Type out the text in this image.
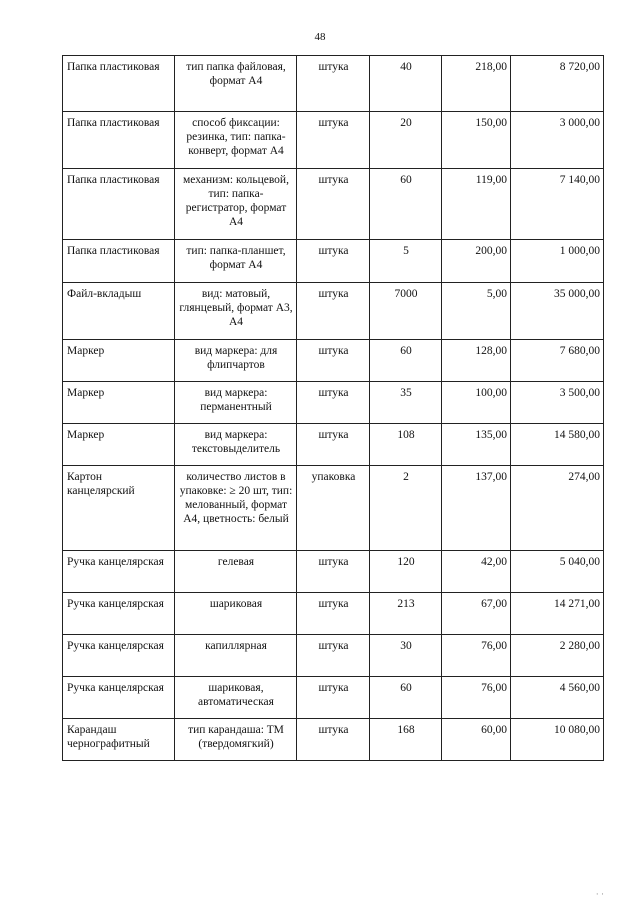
48
Папка пластиковая	тип папка файловая, формат А4	штука	40	218,00	8 720,00
Папка пластиковая	способ фиксации: резинка, тип: папка-конверт, формат А4	штука	20	150,00	3 000,00
Папка пластиковая	механизм: кольцевой, тип: папка-регистратор, формат А4	штука	60	119,00	7 140,00
Папка пластиковая	тип: папка-планшет, формат А4	штука	5	200,00	1 000,00
Файл-вкладыш	вид: матовый, глянцевый, формат А3, А4	штука	7000	5,00	35 000,00
Маркер	вид маркера: для флипчартов	штука	60	128,00	7 680,00
Маркер	вид маркера: перманентный	штука	35	100,00	3 500,00
Маркер	вид маркера: текстовыделитель	штука	108	135,00	14 580,00
Картон канцелярский	количество листов в упаковке: ≥ 20 шт, тип: мелованный, формат А4, цветность: белый	упаковка	2	137,00	274,00
Ручка канцелярская	гелевая	штука	120	42,00	5 040,00
Ручка канцелярская	шариковая	штука	213	67,00	14 271,00
Ручка канцелярская	капиллярная	штука	30	76,00	2 280,00
Ручка канцелярская	шариковая, автоматическая	штука	60	76,00	4 560,00
Карандаш чернографитный	тип карандаша: ТМ (твердомягкий)	штука	168	60,00	10 080,00
· ·
